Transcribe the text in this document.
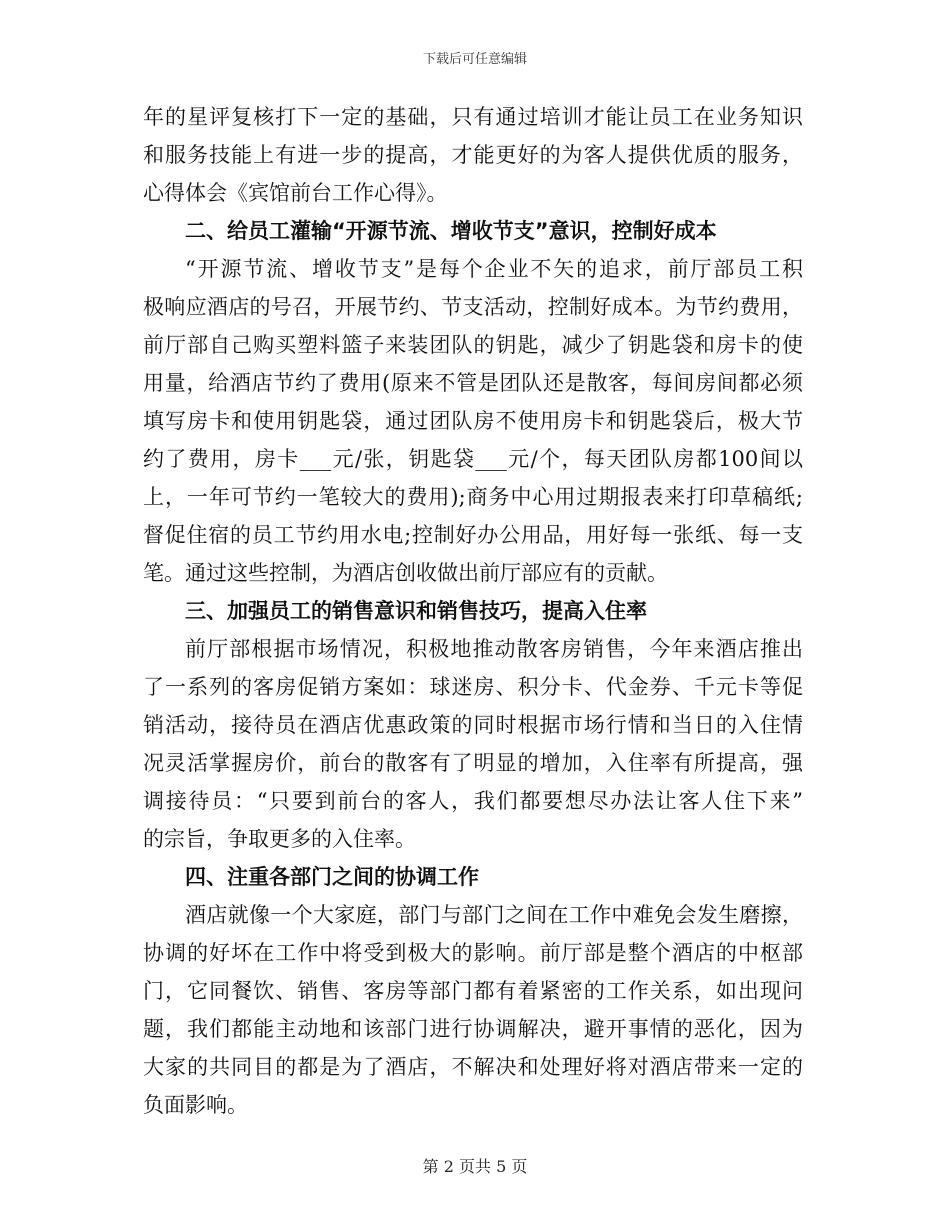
下载后可任意编辑
年的星评复核打下一定的基础，只有通过培训才能让员工在业务知识
和服务技能上有进一步的提高，才能更好的为客人提供优质的服务，
心得体会《宾馆前台工作心得》。
二、给员工灌输“开源节流、增收节支”意识，控制好成本
“开源节流、增收节支”是每个企业不矢的追求，前厅部员工积
极响应酒店的号召，开展节约、节支活动，控制好成本。为节约费用，
前厅部自己购买塑料篮子来装团队的钥匙，减少了钥匙袋和房卡的使
用量，给酒店节约了费用(原来不管是团队还是散客，每间房间都必须
填写房卡和使用钥匙袋，通过团队房不使用房卡和钥匙袋后，极大节
约了费用，房卡___元/张，钥匙袋___元/个，每天团队房都100间以
上，一年可节约一笔较大的费用);商务中心用过期报表来打印草稿纸;
督促住宿的员工节约用水电;控制好办公用品，用好每一张纸、每一支
笔。通过这些控制，为酒店创收做出前厅部应有的贡献。
三、加强员工的销售意识和销售技巧，提高入住率
前厅部根据市场情况，积极地推动散客房销售，今年来酒店推出
了一系列的客房促销方案如：球迷房、积分卡、代金券、千元卡等促
销活动，接待员在酒店优惠政策的同时根据市场行情和当日的入住情
况灵活掌握房价，前台的散客有了明显的增加，入住率有所提高，强
调接待员：“只要到前台的客人，我们都要想尽办法让客人住下来”
的宗旨，争取更多的入住率。
四、注重各部门之间的协调工作
酒店就像一个大家庭，部门与部门之间在工作中难免会发生磨擦，
协调的好坏在工作中将受到极大的影响。前厅部是整个酒店的中枢部
门，它同餐饮、销售、客房等部门都有着紧密的工作关系，如出现问
题，我们都能主动地和该部门进行协调解决，避开事情的恶化，因为
大家的共同目的都是为了酒店，不解决和处理好将对酒店带来一定的
负面影响。
第 2 页共 5 页
